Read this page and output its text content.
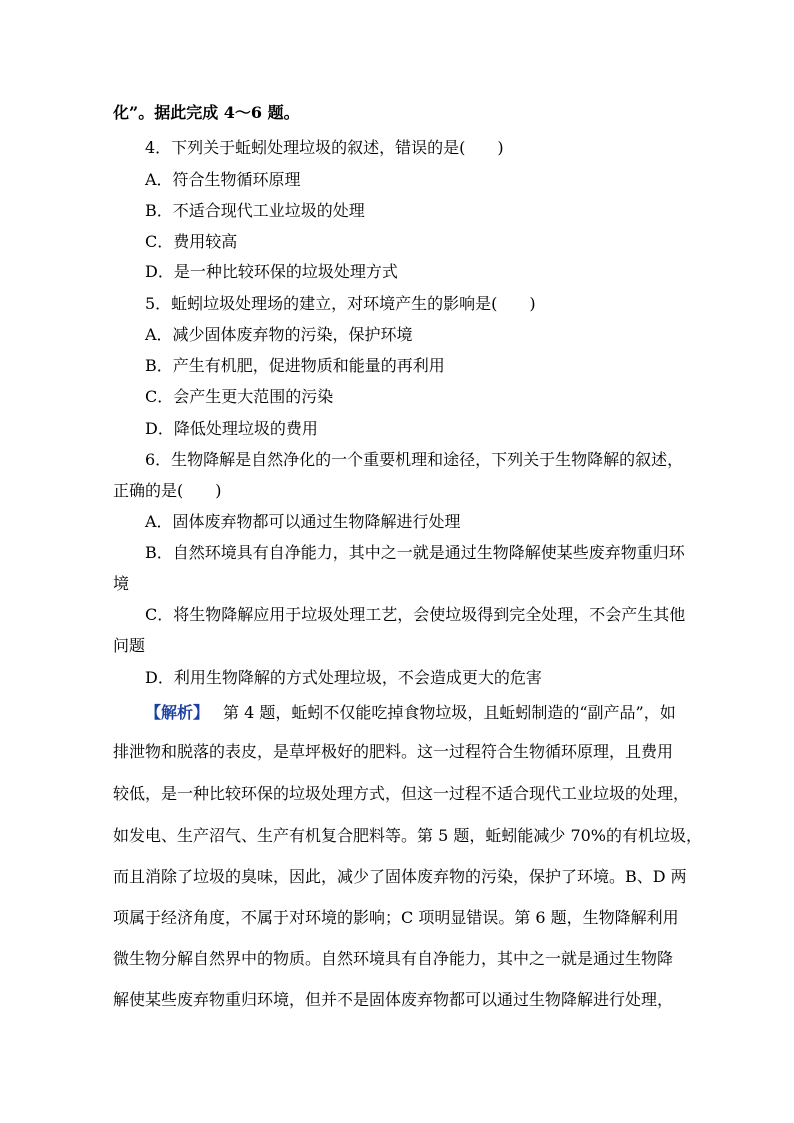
化”。据此完成 4～6 题。
4．下列关于蚯蚓处理垃圾的叙述，错误的是(　　)
A．符合生物循环原理
B．不适合现代工业垃圾的处理
C．费用较高
D．是一种比较环保的垃圾处理方式
5．蚯蚓垃圾处理场的建立，对环境产生的影响是(　　)
A．减少固体废弃物的污染，保护环境
B．产生有机肥，促进物质和能量的再利用
C．会产生更大范围的污染
D．降低处理垃圾的费用
6．生物降解是自然净化的一个重要机理和途径，下列关于生物降解的叙述，
正确的是(　　)
A．固体废弃物都可以通过生物降解进行处理
B．自然环境具有自净能力，其中之一就是通过生物降解使某些废弃物重归环
境
C．将生物降解应用于垃圾处理工艺，会使垃圾得到完全处理，不会产生其他
问题
D．利用生物降解的方式处理垃圾，不会造成更大的危害
【解析】 第 4 题，蚯蚓不仅能吃掉食物垃圾，且蚯蚓制造的“副产品”，如
排泄物和脱落的表皮，是草坪极好的肥料。这一过程符合生物循环原理，且费用
较低，是一种比较环保的垃圾处理方式，但这一过程不适合现代工业垃圾的处理，
如发电、生产沼气、生产有机复合肥料等。第 5 题，蚯蚓能减少 70%的有机垃圾，
而且消除了垃圾的臭味，因此，减少了固体废弃物的污染，保护了环境。B、D 两
项属于经济角度，不属于对环境的影响；C 项明显错误。第 6 题，生物降解利用
微生物分解自然界中的物质。自然环境具有自净能力，其中之一就是通过生物降
解使某些废弃物重归环境，但并不是固体废弃物都可以通过生物降解进行处理，
